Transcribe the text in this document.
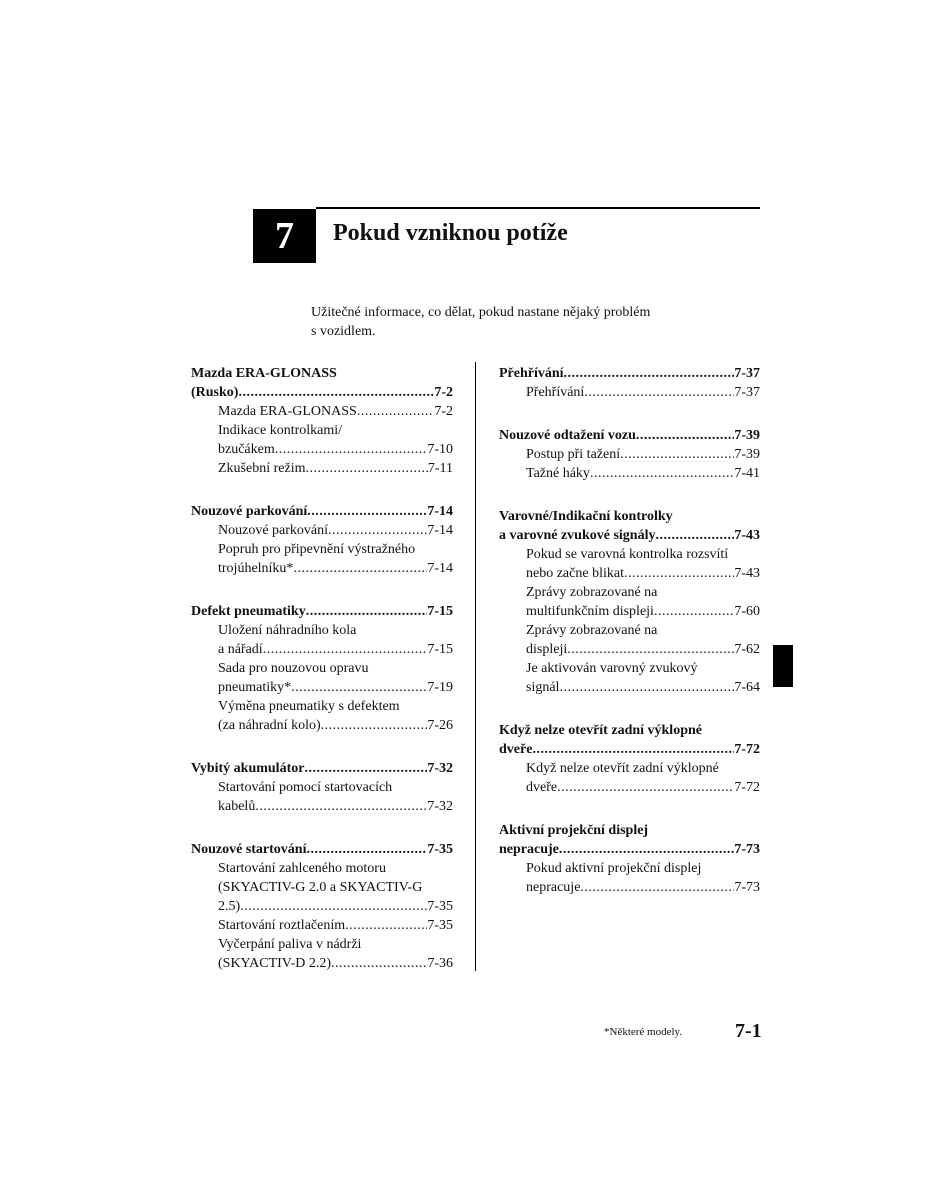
7 Pokud vzniknou potíže
Užitečné informace, co dělat, pokud nastane nějaký problém
s vozidlem.
Mazda ERA-GLONASS
(Rusko) .....	7-2
Mazda ERA-GLONASS .....	7-2
Indikace kontrolkami/
bzučákem .....	7-10
Zkušební režim .....	7-11
Nouzové parkování .....	7-14
Nouzové parkování .....	7-14
Popruh pro připevnění výstražného
trojúhelníku* .....	7-14
Defekt pneumatiky .....	7-15
Uložení náhradního kola
a nářadí .....	7-15
Sada pro nouzovou opravu
pneumatiky* .....	7-19
Výměna pneumatiky s defektem
(za náhradní kolo) .....	7-26
Vybitý akumulátor .....	7-32
Startování pomocí startovacích
kabelů .....	7-32
Nouzové startování .....	7-35
Startování zahlceného motoru
(SKYACTIV-G 2.0 a SKYACTIV-G
2.5) .....	7-35
Startování roztlačením .....	7-35
Vyčerpání paliva v nádrži
(SKYACTIV-D 2.2) .....	7-36
Přehřívání .....	7-37
Přehřívání .....	7-37
Nouzové odtažení vozu .....	7-39
Postup při tažení .....	7-39
Tažné háky .....	7-41
Varovné/Indikační kontrolky
a varovné zvukové signály .....	7-43
Pokud se varovná kontrolka rozsvítí
nebo začne blikat .....	7-43
Zprávy zobrazované na
multifunkčním displeji .....	7-60
Zprávy zobrazované na
displeji .....	7-62
Je aktivován varovný zvukový
signál .....	7-64
Když nelze otevřít zadní výklopné
dveře .....	7-72
Když nelze otevřít zadní výklopné
dveře .....	7-72
Aktivní projekční displej
nepracuje .....	7-73
Pokud aktivní projekční displej
nepracuje .....	7-73
*Některé modely.	7-1
